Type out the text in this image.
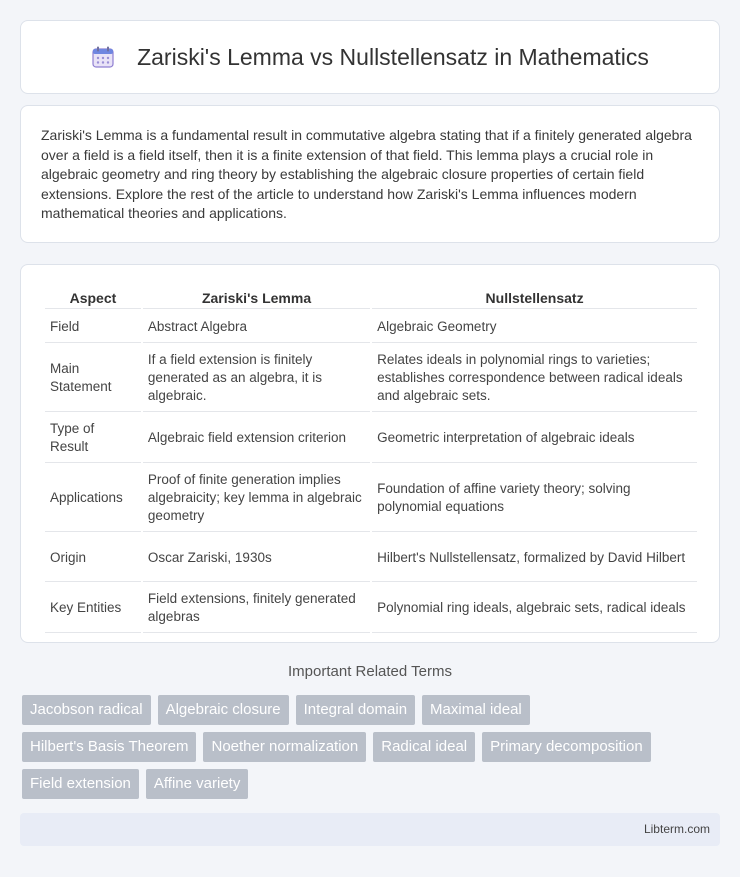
Zariski's Lemma vs Nullstellensatz in Mathematics

Zariski's Lemma is a fundamental result in commutative algebra stating that if a finitely generated algebra over a field is a field itself, then it is a finite extension of that field. This lemma plays a crucial role in algebraic geometry and ring theory by establishing the algebraic closure properties of certain field extensions. Explore the rest of the article to understand how Zariski's Lemma influences modern mathematical theories and applications.

Aspect	Zariski's Lemma	Nullstellensatz
Field	Abstract Algebra	Algebraic Geometry
Main Statement	If a field extension is finitely generated as an algebra, it is algebraic.	Relates ideals in polynomial rings to varieties; establishes correspondence between radical ideals and algebraic sets.
Type of Result	Algebraic field extension criterion	Geometric interpretation of algebraic ideals
Applications	Proof of finite generation implies algebraicity; key lemma in algebraic geometry	Foundation of affine variety theory; solving polynomial equations
Origin	Oscar Zariski, 1930s	Hilbert's Nullstellensatz, formalized by David Hilbert
Key Entities	Field extensions, finitely generated algebras	Polynomial ring ideals, algebraic sets, radical ideals
Important Related Terms
Jacobson radical	Algebraic closure	Integral domain	Maximal ideal
Hilbert's Basis Theorem	Noether normalization	Radical ideal	Primary decomposition
Field extension	Affine variety
Libterm.com
